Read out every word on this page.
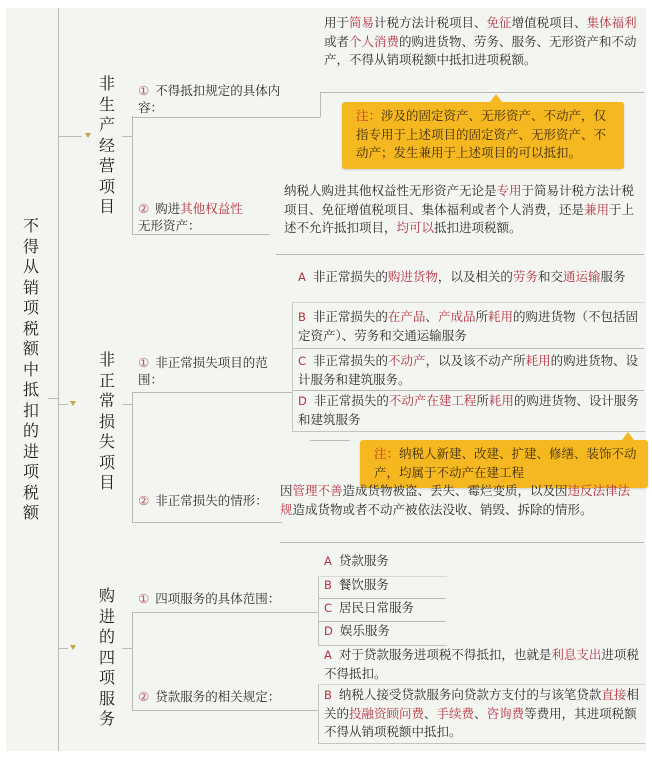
不得从销项税额中抵扣的进项税额
非生产经营项目
① 不得抵扣规定的具体内容：
用于简易计税方法计税项目、免征增值税项目、集体福利或者个人消费的购进货物、劳务、服务、无形资产和不动产，不得从销项税额中抵扣进项税额。
注：涉及的固定资产、无形资产、不动产，仅指专用于上述项目的固定资产、无形资产、不动产；发生兼用于上述项目的可以抵扣。
② 购进其他权益性
无形资产：
纳税人购进其他权益性无形资产无论是专用于简易计税方法计税项目、免征增值税项目、集体福利或者个人消费，还是兼用于上述不允许抵扣项目，均可以抵扣进项税额。
非正常损失项目
① 非正常损失项目的范围：
A 非正常损失的购进货物，以及相关的劳务和交通运输服务
B 非正常损失的在产品、产成品所耗用的购进货物（不包括固定资产）、劳务和交通运输服务
C 非正常损失的不动产，以及该不动产所耗用的购进货物、设计服务和建筑服务。
D 非正常损失的不动产在建工程所耗用的购进货物、设计服务和建筑服务
注：纳税人新建、改建、扩建、修缮、装饰不动产，均属于不动产在建工程
② 非正常损失的情形：
因管理不善造成货物被盗、丢失、霉烂变质，以及因违反法律法规造成货物或者不动产被依法没收、销毁、拆除的情形。
购进的四项服务
① 四项服务的具体范围：
A 贷款服务
B 餐饮服务
C 居民日常服务
D 娱乐服务
② 贷款服务的相关规定：
A 对于贷款服务进项税不得抵扣，也就是利息支出进项税不得抵扣。
B 纳税人接受贷款服务向贷款方支付的与该笔贷款直接相关的投融资顾问费、手续费、咨询费等费用，其进项税额不得从销项税额中抵扣。
